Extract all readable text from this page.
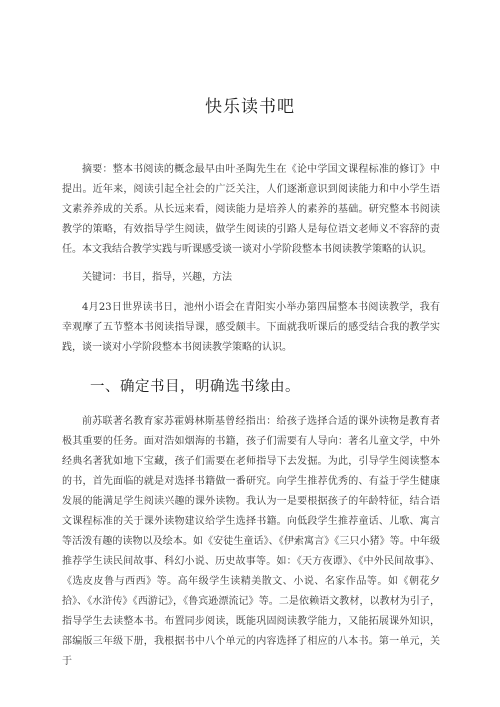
快乐读书吧

摘要：整本书阅读的概念最早由叶圣陶先生在《论中学国文课程标准的修订》中提出。近年来，阅读引起全社会的广泛关注，人们逐渐意识到阅读能力和中小学生语文素养养成的关系。从长远来看，阅读能力是培养人的素养的基础。研究整本书阅读教学的策略，有效指导学生阅读，做学生阅读的引路人是每位语文老师义不容辞的责任。本文我结合教学实践与听课感受谈一谈对小学阶段整本书阅读教学策略的认识。

关键词：书目，指导，兴趣，方法

4月23日世界读书日，池州小语会在青阳实小举办第四届整本书阅读教学，我有幸观摩了五节整本书阅读指导课，感受颇丰。下面就我听课后的感受结合我的教学实践，谈一谈对小学阶段整本书阅读教学策略的认识。

一、确定书目，明确选书缘由。

前苏联著名教育家苏霍姆林斯基曾经指出：给孩子选择合适的课外读物是教育者极其重要的任务。面对浩如烟海的书籍，孩子们需要有人导向：著名儿童文学，中外经典名著犹如地下宝藏，孩子们需要在老师指导下去发掘。为此，引导学生阅读整本的书，首先面临的就是对选择书籍做一番研究。向学生推荐优秀的、有益于学生健康发展的能满足学生阅读兴趣的课外读物。我认为一是要根据孩子的年龄特征，结合语文课程标准的关于课外读物建议给学生选择书籍。向低段学生推荐童话、儿歌、寓言等活泼有趣的读物以及绘本。如《安徒生童话》、《伊索寓言》《三只小猪》等。中年级推荐学生读民间故事、科幻小说、历史故事等。如：《天方夜谭》、《中外民间故事》、《选皮皮鲁与西西》等。高年级学生读精美散文、小说、名家作品等。如《朝花夕拾》、《水浒传》《西游记》，《鲁宾逊漂流记》等。二是依赖语文教材，以教材为引子，指导学生去读整本书。布置同步阅读，既能巩固阅读教学能力，又能拓展课外知识，部编版三年级下册，我根据书中八个单元的内容选择了相应的八本书。第一单元，关于
